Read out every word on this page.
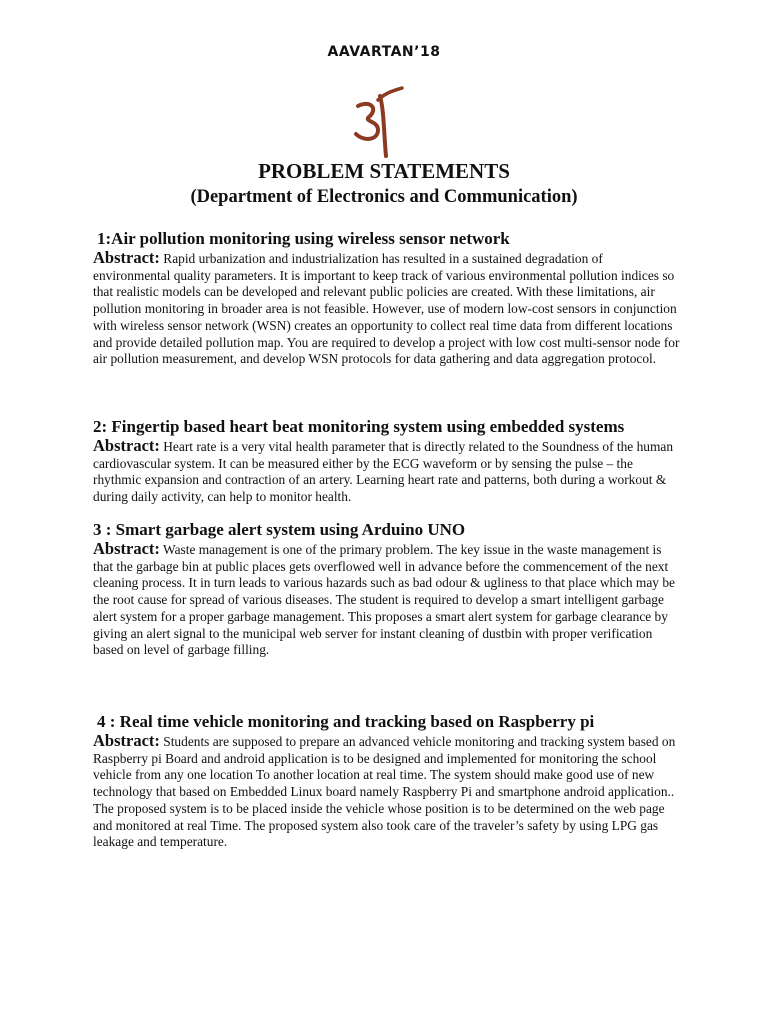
AAVARTAN’18
PROBLEM STATEMENTS
(Department of Electronics and Communication)

1:Air pollution monitoring using wireless sensor network

Abstract: Rapid urbanization and industrialization has resulted in a sustained degradation of environmental quality parameters. It is important to keep track of various environmental pollution indices so that realistic models can be developed and relevant public policies are created. With these limitations, air pollution monitoring in broader area is not feasible. However, use of modern low-cost sensors in conjunction with wireless sensor network (WSN) creates an opportunity to collect real time data from different locations and provide detailed pollution map. You are required to develop a project with low cost multi-sensor node for air pollution measurement, and develop WSN protocols for data gathering and data aggregation protocol.

2: Fingertip based heart beat monitoring system using embedded systems

Abstract: Heart rate is a very vital health parameter that is directly related to the Soundness of the human cardiovascular system. It can be measured either by the ECG waveform or by sensing the pulse – the rhythmic expansion and contraction of an artery. Learning heart rate and patterns, both during a workout & during daily activity, can help to monitor health.

3 : Smart garbage alert system using Arduino UNO

Abstract: Waste management is one of the primary problem. The key issue in the waste management is that the garbage bin at public places gets overflowed well in advance before the commencement of the next cleaning process. It in turn leads to various hazards such as bad odour & ugliness to that place which may be the root cause for spread of various diseases. The student is required to develop a smart intelligent garbage alert system for a proper garbage management. This proposes a smart alert system for garbage clearance by giving an alert signal to the municipal web server for instant cleaning of dustbin with proper verification based on level of garbage filling.

4 : Real time vehicle monitoring and tracking based on Raspberry pi

Abstract: Students are supposed to prepare an advanced vehicle monitoring and tracking system based on Raspberry pi Board and android application is to be designed and implemented for monitoring the school vehicle from any one location To another location at real time. The system should make good use of new technology that based on Embedded Linux board namely Raspberry Pi and smartphone android application.. The proposed system is to be placed inside the vehicle whose position is to be determined on the web page and monitored at real Time. The proposed system also took care of the traveler’s safety by using LPG gas leakage and temperature.
